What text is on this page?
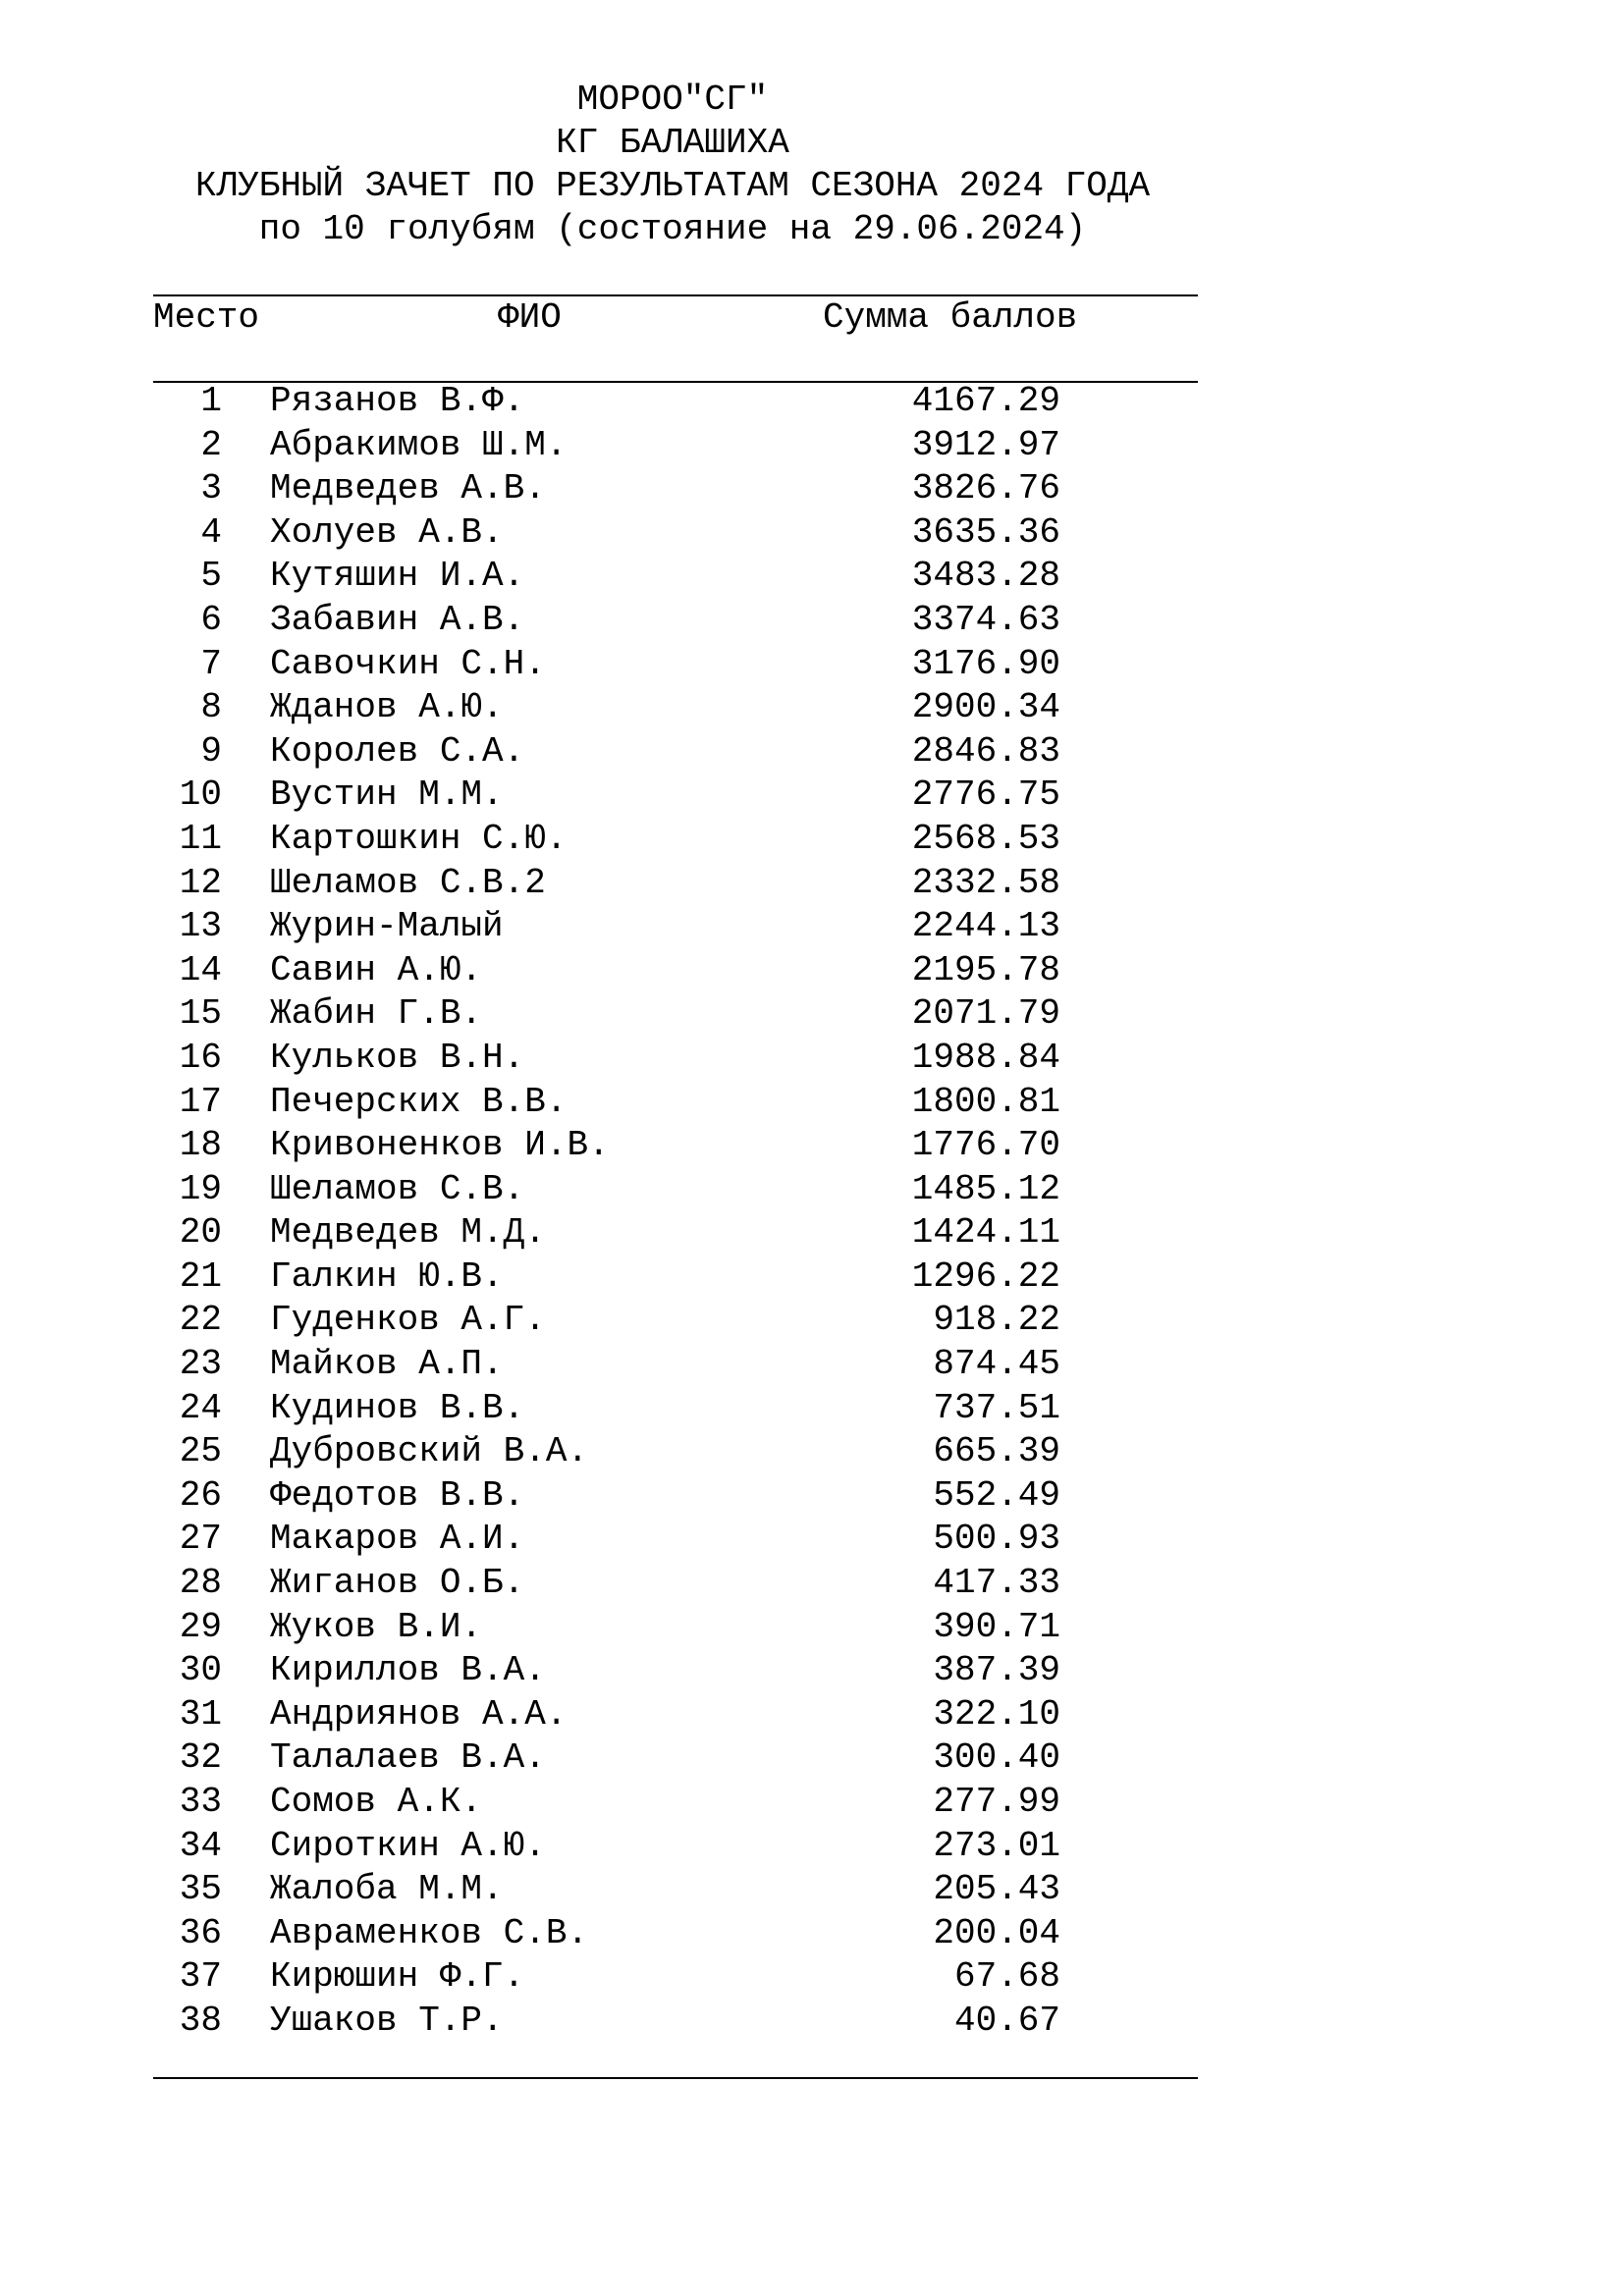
МОРОО"СГ"
КГ БАЛАШИХА
КЛУБНЫЙ ЗАЧЕТ ПО РЕЗУЛЬТАТАМ СЕЗОНА 2024 ГОДА
по 10 голубям (состояние на 29.06.2024)
Место	ФИО	Сумма баллов
1 Рязанов В.Ф.	4167.29
2 Абракимов Ш.М.	3912.97
3 Медведев А.В.	3826.76
4 Холуев А.В.	3635.36
5 Кутяшин И.А.	3483.28
6 Забавин А.В.	3374.63
7 Савочкин С.Н.	3176.90
8 Жданов А.Ю.	2900.34
9 Королев С.А.	2846.83
10 Вустин М.М.	2776.75
11 Картошкин С.Ю.	2568.53
12 Шеламов С.В.2	2332.58
13 Журин-Малый	2244.13
14 Савин А.Ю.	2195.78
15 Жабин Г.В.	2071.79
16 Кульков В.Н.	1988.84
17 Печерских В.В.	1800.81
18 Кривоненков И.В.	1776.70
19 Шеламов С.В.	1485.12
20 Медведев М.Д.	1424.11
21 Галкин Ю.В.	1296.22
22 Гуденков А.Г.	918.22
23 Майков А.П.	874.45
24 Кудинов В.В.	737.51
25 Дубровский В.А.	665.39
26 Федотов В.В.	552.49
27 Макаров А.И.	500.93
28 Жиганов О.Б.	417.33
29 Жуков В.И.	390.71
30 Кириллов В.А.	387.39
31 Андриянов А.А.	322.10
32 Талалаев В.А.	300.40
33 Сомов А.К.	277.99
34 Сироткин А.Ю.	273.01
35 Жалоба М.М.	205.43
36 Авраменков С.В.	200.04
37 Кирюшин Ф.Г.	67.68
38 Ушаков Т.Р.	40.67
